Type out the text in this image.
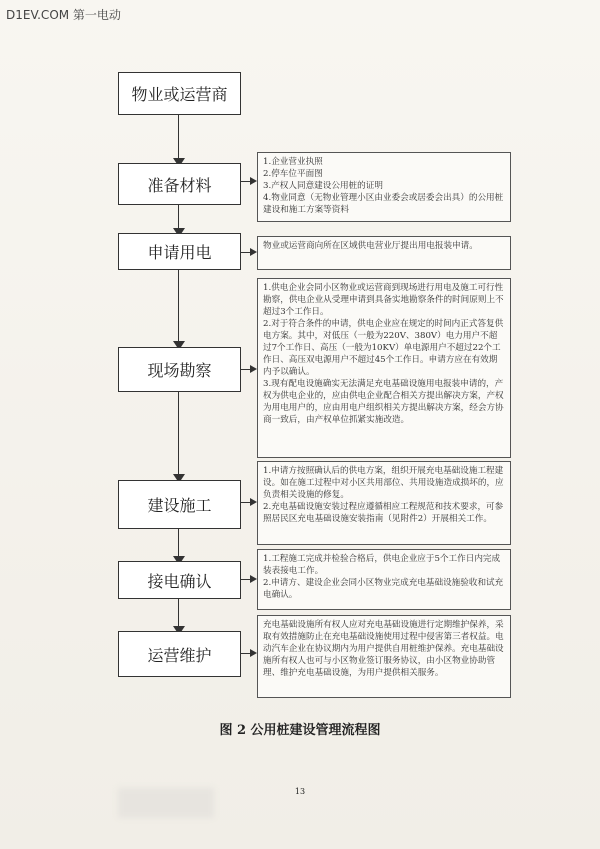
D1EV.COM 第一电动
物业或运营商
准备材料
申请用电
现场勘察
建设施工
接电确认
运营维护
1.企业营业执照
2.停车位平面图
3.产权人同意建设公用桩的证明
4.物业同意（无物业管理小区由业委会或居委会出具）的公用桩建设和施工方案等资料
物业或运营商向所在区域供电营业厅提出用电报装申请。
1.供电企业会同小区物业或运营商到现场进行用电及施工可行性勘察，供电企业从受理申请到具备实地勘察条件的时间原则上不超过3个工作日。
2.对于符合条件的申请，供电企业应在规定的时间内正式答复供电方案。其中，对低压（一般为220V、380V）电力用户不超过7个工作日、高压（一般为10KV）单电源用户不超过22个工作日、高压双电源用户不超过45个工作日。申请方应在有效期内予以确认。
3.现有配电设施确实无法满足充电基础设施用电报装申请的，产权为供电企业的，应由供电企业配合相关方提出解决方案，产权为用电用户的，应由用电户组织相关方提出解决方案，经会方协商一致后，由产权单位抓紧实施改造。
1.申请方按照确认后的供电方案，组织开展充电基础设施工程建设。如在施工过程中对小区共用部位、共用设施造成损坏的，应负责相关设施的修复。
2.充电基础设施安装过程应遵循相应工程规范和技术要求，可参照居民区充电基础设施安装指南（见附件2）开展相关工作。
1.工程施工完成并检验合格后，供电企业应于5个工作日内完成装表接电工作。
2.申请方、建设企业会同小区物业完成充电基础设施验收和试充电确认。
充电基础设施所有权人应对充电基础设施进行定期维护保养，采取有效措施防止在充电基础设施使用过程中侵害第三者权益。电动汽车企业在协议期内为用户提供自用桩维护保养。充电基础设施所有权人也可与小区物业签订服务协议，由小区物业协助管理、维护充电基础设施，为用户提供相关服务。
图 2 公用桩建设管理流程图
13
